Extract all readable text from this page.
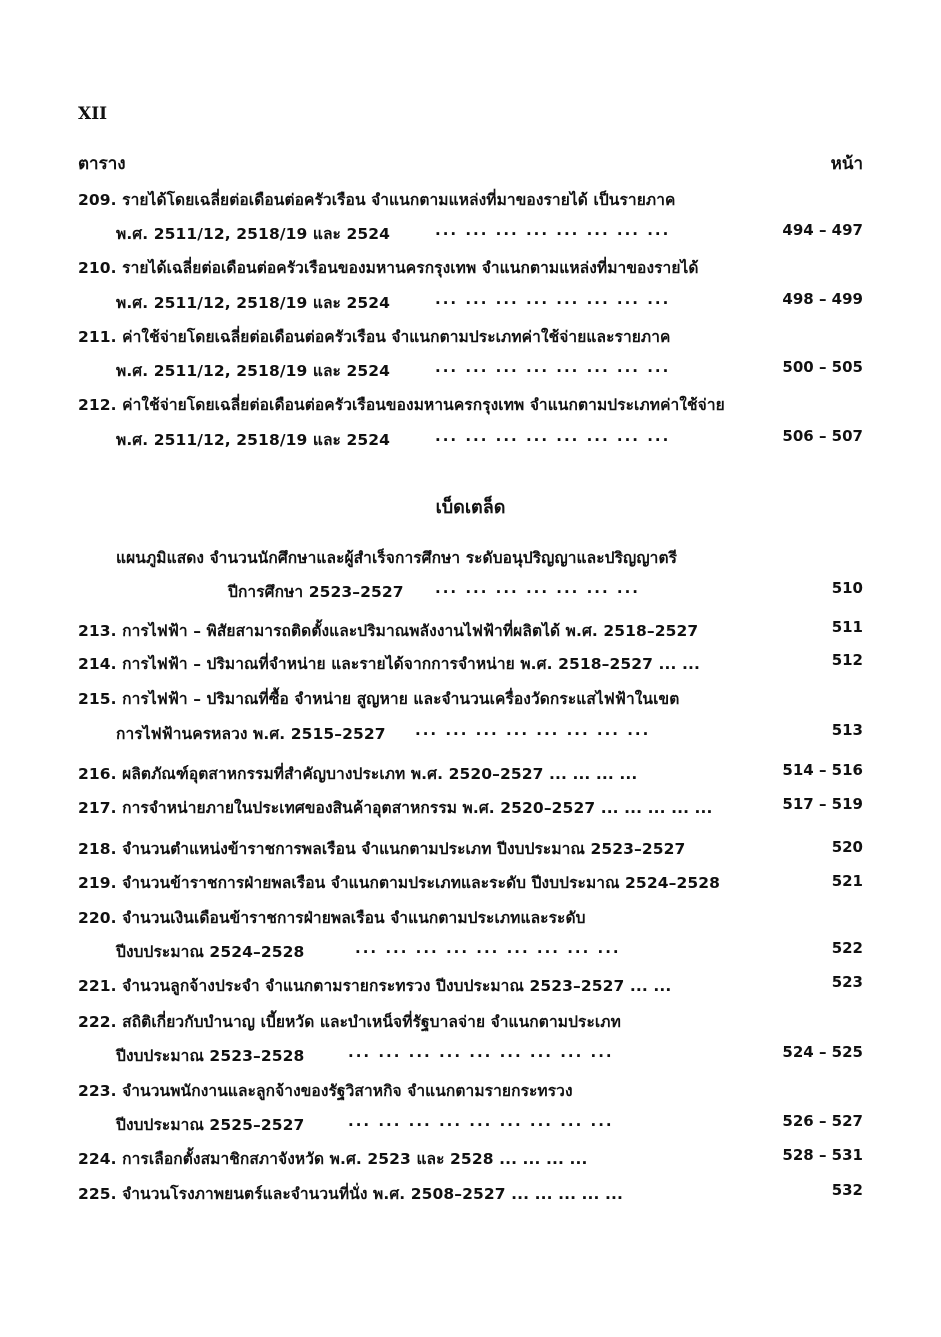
XII
ตาราง	หน้า
209. รายได้โดยเฉลี่ยต่อเดือนต่อครัวเรือน จำแนกตามแหล่งที่มาของรายได้ เป็นรายภาค
พ.ศ. 2511/12, 2518/19 และ 2524	... ... ... ... ... ... ... ...	494 – 497
210. รายได้เฉลี่ยต่อเดือนต่อครัวเรือนของมหานครกรุงเทพ จำแนกตามแหล่งที่มาของรายได้
พ.ศ. 2511/12, 2518/19 และ 2524	... ... ... ... ... ... ... ...	498 – 499
211. ค่าใช้จ่ายโดยเฉลี่ยต่อเดือนต่อครัวเรือน จำแนกตามประเภทค่าใช้จ่ายและรายภาค
พ.ศ. 2511/12, 2518/19 และ 2524	... ... ... ... ... ... ... ...	500 – 505
212. ค่าใช้จ่ายโดยเฉลี่ยต่อเดือนต่อครัวเรือนของมหานครกรุงเทพ จำแนกตามประเภทค่าใช้จ่าย
พ.ศ. 2511/12, 2518/19 และ 2524	... ... ... ... ... ... ... ...	506 – 507
เบ็ดเตล็ด
แผนภูมิแสดง จำนวนนักศึกษาและผู้สำเร็จการศึกษา ระดับอนุปริญญาและปริญญาตรี
ปีการศึกษา 2523–2527 ... ... ... ... ... ... ...	510
213. การไฟฟ้า – พิสัยสามารถติดตั้งและปริมาณพลังงานไฟฟ้าที่ผลิตได้ พ.ศ. 2518–2527	511
214. การไฟฟ้า – ปริมาณที่จำหน่าย และรายได้จากการจำหน่าย พ.ศ. 2518–2527 ... ...	512
215. การไฟฟ้า – ปริมาณที่ซื้อ จำหน่าย สูญหาย และจำนวนเครื่องวัดกระแสไฟฟ้าในเขต
การไฟฟ้านครหลวง พ.ศ. 2515–2527 ... ... ... ... ... ... ... ...	513
216. ผลิตภัณฑ์อุตสาหกรรมที่สำคัญบางประเภท พ.ศ. 2520–2527 ... ... ... ...	514 – 516
217. การจำหน่ายภายในประเทศของสินค้าอุตสาหกรรม พ.ศ. 2520–2527 ... ... ... ... ...	517 – 519
218. จำนวนตำแหน่งข้าราชการพลเรือน จำแนกตามประเภท ปีงบประมาณ 2523–2527	520
219. จำนวนข้าราชการฝ่ายพลเรือน จำแนกตามประเภทและระดับ ปีงบประมาณ 2524–2528	521
220. จำนวนเงินเดือนข้าราชการฝ่ายพลเรือน จำแนกตามประเภทและระดับ
ปีงบประมาณ 2524–2528	... ... ... ... ... ... ... ... ...	522
221. จำนวนลูกจ้างประจำ จำแนกตามรายกระทรวง ปีงบประมาณ 2523–2527 ... ...	523
222. สถิติเกี่ยวกับบำนาญ เบี้ยหวัด และบำเหน็จที่รัฐบาลจ่าย จำแนกตามประเภท
ปีงบประมาณ 2523–2528	... ... ... ... ... ... ... ... ...	524 – 525
223. จำนวนพนักงานและลูกจ้างของรัฐวิสาหกิจ จำแนกตามรายกระทรวง
ปีงบประมาณ 2525–2527	... ... ... ... ... ... ... ... ...	526 – 527
224. การเลือกตั้งสมาชิกสภาจังหวัด พ.ศ. 2523 และ 2528 ... ... ... ...	528 – 531
225. จำนวนโรงภาพยนตร์และจำนวนที่นั่ง พ.ศ. 2508–2527 ... ... ... ... ...	532
